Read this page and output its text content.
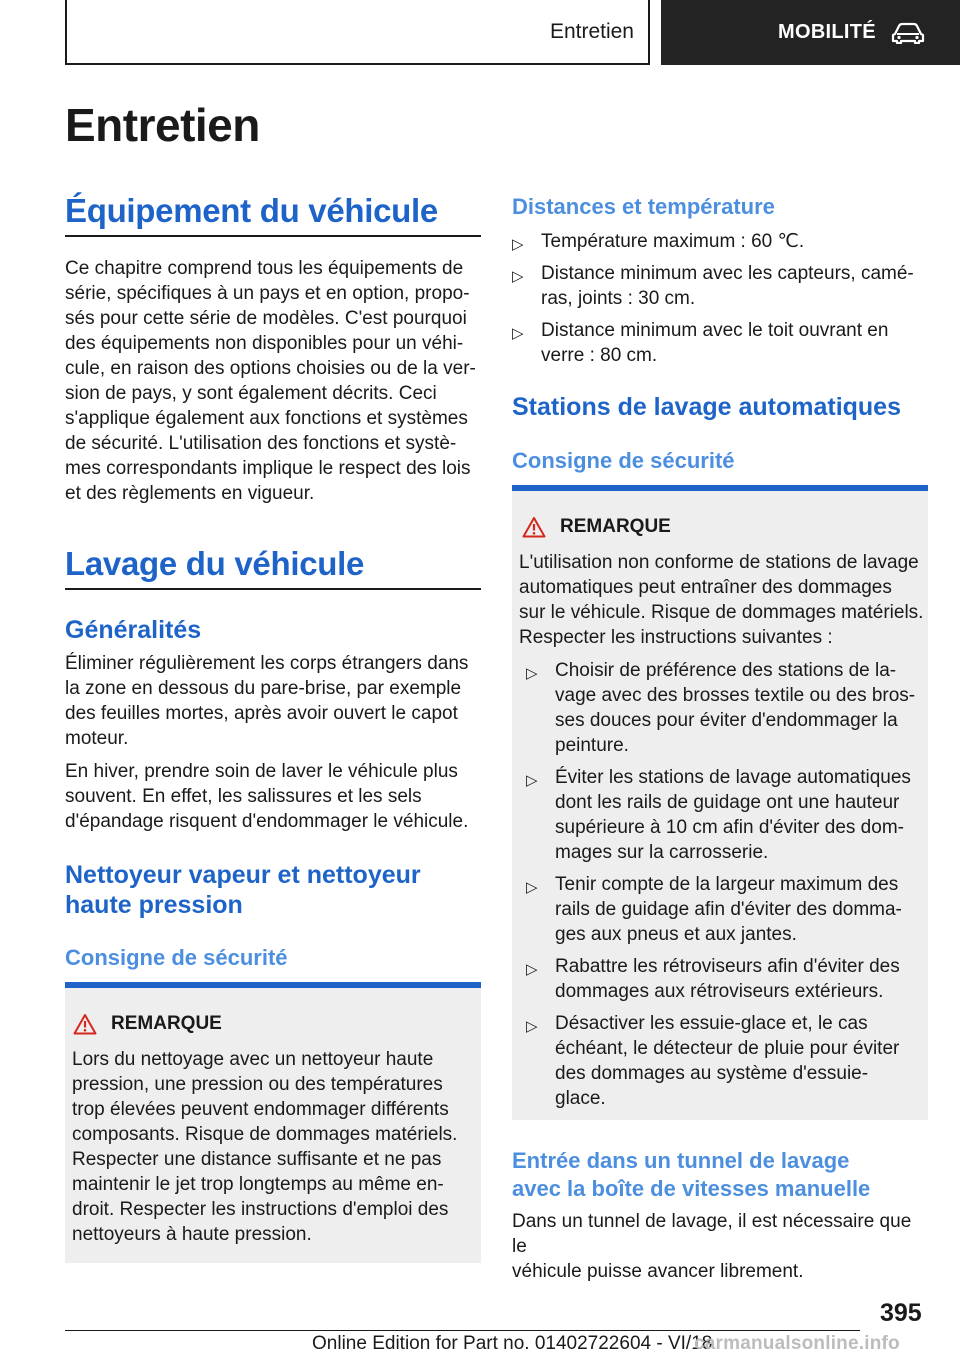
Entretien	MOBILITÉ
Entretien
Équipement du véhicule
Ce chapitre comprend tous les équipements de
série, spécifiques à un pays et en option, propo‐
sés pour cette série de modèles. C'est pourquoi
des équipements non disponibles pour un véhi‐
cule, en raison des options choisies ou de la ver‐
sion de pays, y sont également décrits. Ceci
s'applique également aux fonctions et systèmes
de sécurité. L'utilisation des fonctions et systè‐
mes correspondants implique le respect des lois
et des règlements en vigueur.
Lavage du véhicule
Généralités
Éliminer régulièrement les corps étrangers dans
la zone en dessous du pare-brise, par exemple
des feuilles mortes, après avoir ouvert le capot
moteur.
En hiver, prendre soin de laver le véhicule plus
souvent. En effet, les salissures et les sels
d'épandage risquent d'endommager le véhicule.
Nettoyeur vapeur et nettoyeur
haute pression
Consigne de sécurité
REMARQUE
Lors du nettoyage avec un nettoyeur haute
pression, une pression ou des températures
trop élevées peuvent endommager différents
composants. Risque de dommages matériels.
Respecter une distance suffisante et ne pas
maintenir le jet trop longtemps au même en‐
droit. Respecter les instructions d'emploi des
nettoyeurs à haute pression.
Distances et température
▷ Température maximum : 60 ℃.
▷ Distance minimum avec les capteurs, camé‐
ras, joints : 30 cm.
▷ Distance minimum avec le toit ouvrant en
verre : 80 cm.
Stations de lavage automatiques
Consigne de sécurité
REMARQUE
L'utilisation non conforme de stations de lavage
automatiques peut entraîner des dommages
sur le véhicule. Risque de dommages matériels.
Respecter les instructions suivantes :
▷ Choisir de préférence des stations de la‐
vage avec des brosses textile ou des bros‐
ses douces pour éviter d'endommager la
peinture.
▷ Éviter les stations de lavage automatiques
dont les rails de guidage ont une hauteur
supérieure à 10 cm afin d'éviter des dom‐
mages sur la carrosserie.
▷ Tenir compte de la largeur maximum des
rails de guidage afin d'éviter des domma‐
ges aux pneus et aux jantes.
▷ Rabattre les rétroviseurs afin d'éviter des
dommages aux rétroviseurs extérieurs.
▷ Désactiver les essuie-glace et, le cas
échéant, le détecteur de pluie pour éviter
des dommages au système d'essuie-
glace.
Entrée dans un tunnel de lavage
avec la boîte de vitesses manuelle
Dans un tunnel de lavage, il est nécessaire que le
véhicule puisse avancer librement.
395
Online Edition for Part no. 01402722604 - VI/18
carmanualsonline.info
